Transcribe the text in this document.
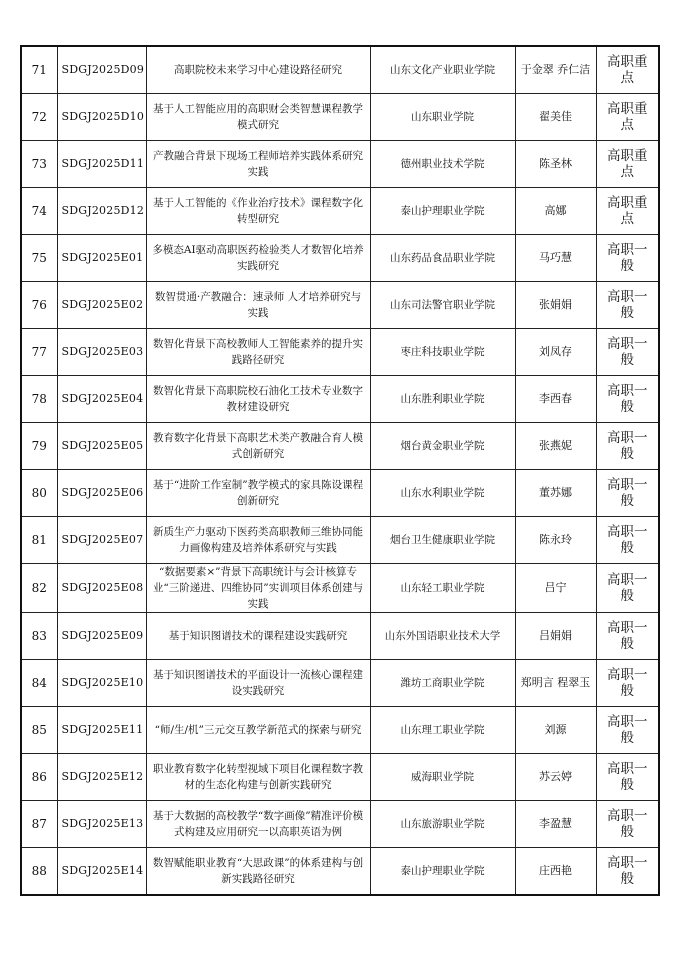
71	SDGJ2025D09	高职院校未来学习中心建设路径研究	山东文化产业职业学院	于金翠 乔仁洁	高职重点
72	SDGJ2025D10	基于人工智能应用的高职财会类智慧课程教学模式研究	山东职业学院	翟美佳	高职重点
73	SDGJ2025D11	产教融合背景下现场工程师培养实践体系研究实践	德州职业技术学院	陈圣林	高职重点
74	SDGJ2025D12	基于人工智能的《作业治疗技术》课程数字化转型研究	泰山护理职业学院	高娜	高职重点
75	SDGJ2025E01	多模态AI驱动高职医药检验类人才数智化培养实践研究	山东药品食品职业学院	马巧慧	高职一般
76	SDGJ2025E02	数智贯通·产教融合：速录师 人才培养研究与实践	山东司法警官职业学院	张娟娟	高职一般
77	SDGJ2025E03	数智化背景下高校教师人工智能素养的提升实践路径研究	枣庄科技职业学院	刘凤存	高职一般
78	SDGJ2025E04	数智化背景下高职院校石油化工技术专业数字教材建设研究	山东胜利职业学院	李西春	高职一般
79	SDGJ2025E05	教育数字化背景下高职艺术类产教融合育人模式创新研究	烟台黄金职业学院	张燕妮	高职一般
80	SDGJ2025E06	基于“进阶工作室制”教学模式的家具陈设课程创新研究	山东水利职业学院	董苏娜	高职一般
81	SDGJ2025E07	新质生产力驱动下医药类高职教师三维协同能力画像构建及培养体系研究与实践	烟台卫生健康职业学院	陈永玲	高职一般
82	SDGJ2025E08	“数据要素×”背景下高职统计与会计核算专业“三阶递进、四维协同”实训项目体系创建与实践	山东轻工职业学院	吕宁	高职一般
83	SDGJ2025E09	基于知识图谱技术的课程建设实践研究	山东外国语职业技术大学	吕娟娟	高职一般
84	SDGJ2025E10	基于知识图谱技术的平面设计一流核心课程建设实践研究	潍坊工商职业学院	郑明言 程翠玉	高职一般
85	SDGJ2025E11	“师/生/机”三元交互教学新范式的探索与研究	山东理工职业学院	刘源	高职一般
86	SDGJ2025E12	职业教育数字化转型视域下项目化课程数字教材的生态化构建与创新实践研究	威海职业学院	苏云婷	高职一般
87	SDGJ2025E13	基于大数据的高校教学“数字画像”精准评价模式构建及应用研究一以高职英语为例	山东旅游职业学院	李盈慧	高职一般
88	SDGJ2025E14	数智赋能职业教育“大思政课”的体系建构与创新实践路径研究	泰山护理职业学院	庄西艳	高职一般
